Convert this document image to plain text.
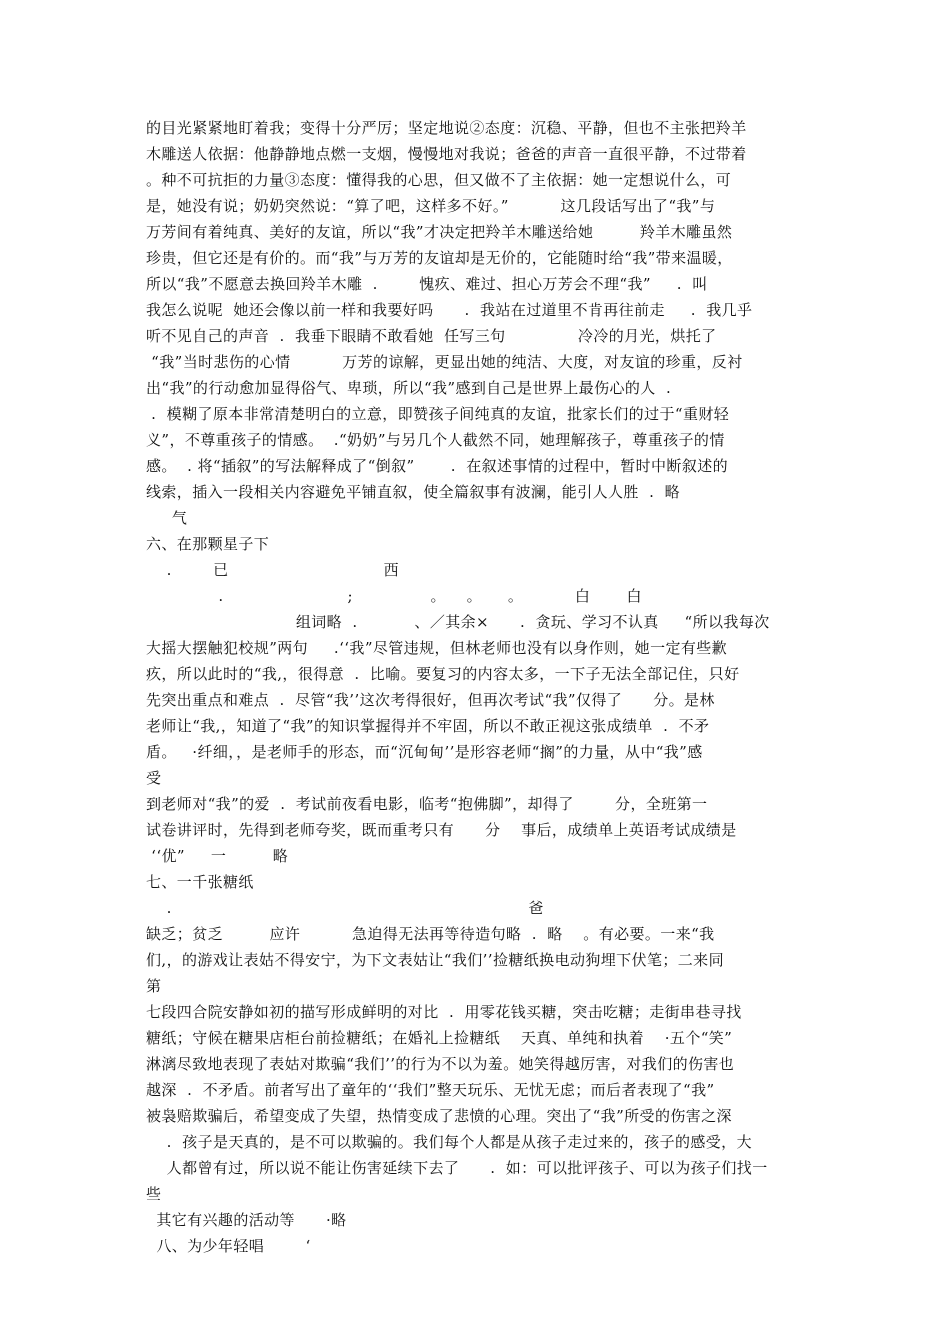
的目光紧紧地盯着我；变得十分严厉；坚定地说②态度：沉稳、平静，但也不主张把羚羊
木雕送人依据：他静静地点燃一支烟，慢慢地对我说；爸爸的声音一直很平静，不过带着
。种不可抗拒的力量③态度：懂得我的心思，但又做不了主依据：她一定想说什么，可
是，她没有说；奶奶突然说：“算了吧，这样多不好。”          这几段话写出了“我”与
万芳间有着纯真、美好的友谊，所以“我”才决定把羚羊木雕送给她         羚羊木雕虽然
珍贵，但它还是有价的。而“我”与万芳的友谊却是无价的，它能随时给“我”带来温暖，
所以“我”不愿意去换回羚羊木雕  .        愧疚、难过、担心万芳会不理“我”     .  叫
我怎么说呢  她还会像以前一样和我要好吗      .  我站在过道里不肯再往前走     .  我几乎
听不见自己的声音  .  我垂下眼睛不敢看她  任写三句              冷冷的月光，烘托了
“我”当时悲伤的心情          万芳的谅解，更显出她的纯洁、大度，对友谊的珍重，反衬
出“我”的行动愈加显得俗气、卑琐，所以“我”感到自己是世界上最伤心的人  .
.  模糊了原本非常清楚明白的立意，即赞孩子间纯真的友谊，批家长们的过于“重财轻
义”，不尊重孩子的情感。  .“奶奶”与另几个人截然不同，她理解孩子，尊重孩子的情
感。  . 将“插叙”的写法解释成了“倒叙”       .  在叙述事情的过程中，暂时中断叙述的
线索，插入一段相关内容避免平铺直叙，使全篇叙事有波澜，能引人人胜  .  略
气
六、在那颗星子下
.        已                              西
.                        ;               。    。     。          白       白
组词略  .           、／其余×      .  贪玩、学习不认真     “所以我每次
大摇大摆触犯校规”两句     .‘‘我”尽管违规，但林老师也没有以身作则，她一定有些歉
疚，所以此时的“我,，很得意  .  比喻。要复习的内容太多，一下子无法全部记住，只好
先突出重点和难点  .  尽管“我’’这次考得很好，但再次考试“我”仅得了      分。是林
老师让“我,，知道了“我”的知识掌握得并不牢固，所以不敢正视这张成绩单  .  不矛
盾。   ·纤细，，是老师手的形态，而“沉甸甸’’是形容老师“搁”的力量，从中“我”感
受
到老师对“我”的爱  .  考试前夜看电影，临考“抱佛脚”，却得了        分，全班第一
试卷讲评时，先得到老师夸奖，既而重考只有      分    事后，成绩单上英语考试成绩是
‘‘优”     一         略
七、一千张糖纸
.                                                                     爸
缺乏；贫乏         应许          急迫得无法再等待造句略  .  略    。有必要。一来“我
们,，的游戏让表姑不得安宁，为下文表姑让“我们’’捡糖纸换电动狗埋下伏笔；二来同
第
七段四合院安静如初的描写形成鲜明的对比  .  用零花钱买糖，突击吃糖；走街串巷寻找
糖纸；守候在糖果店柜台前捡糖纸；在婚礼上捡糖纸    天真、单纯和执着    ·五个“笑”
淋漓尽致地表现了表姑对欺骗“我们’’的行为不以为羞。她笑得越厉害，对我们的伤害也
越深  .  不矛盾。前者写出了童年的‘‘我们”整天玩乐、无忧无虑；而后者表现了“我”
被袅赔欺骗后，希望变成了失望，热情变成了悲愤的心理。突出了“我”所受的伤害之深
.  孩子是天真的，是不可以欺骗的。我们每个人都是从孩子走过来的，孩子的感受，大
人都曾有过，所以说不能让伤害延续下去了      .  如：可以批评孩子、可以为孩子们找一
些
其它有兴趣的活动等      ·略
八、为少年轻唱        ‘
